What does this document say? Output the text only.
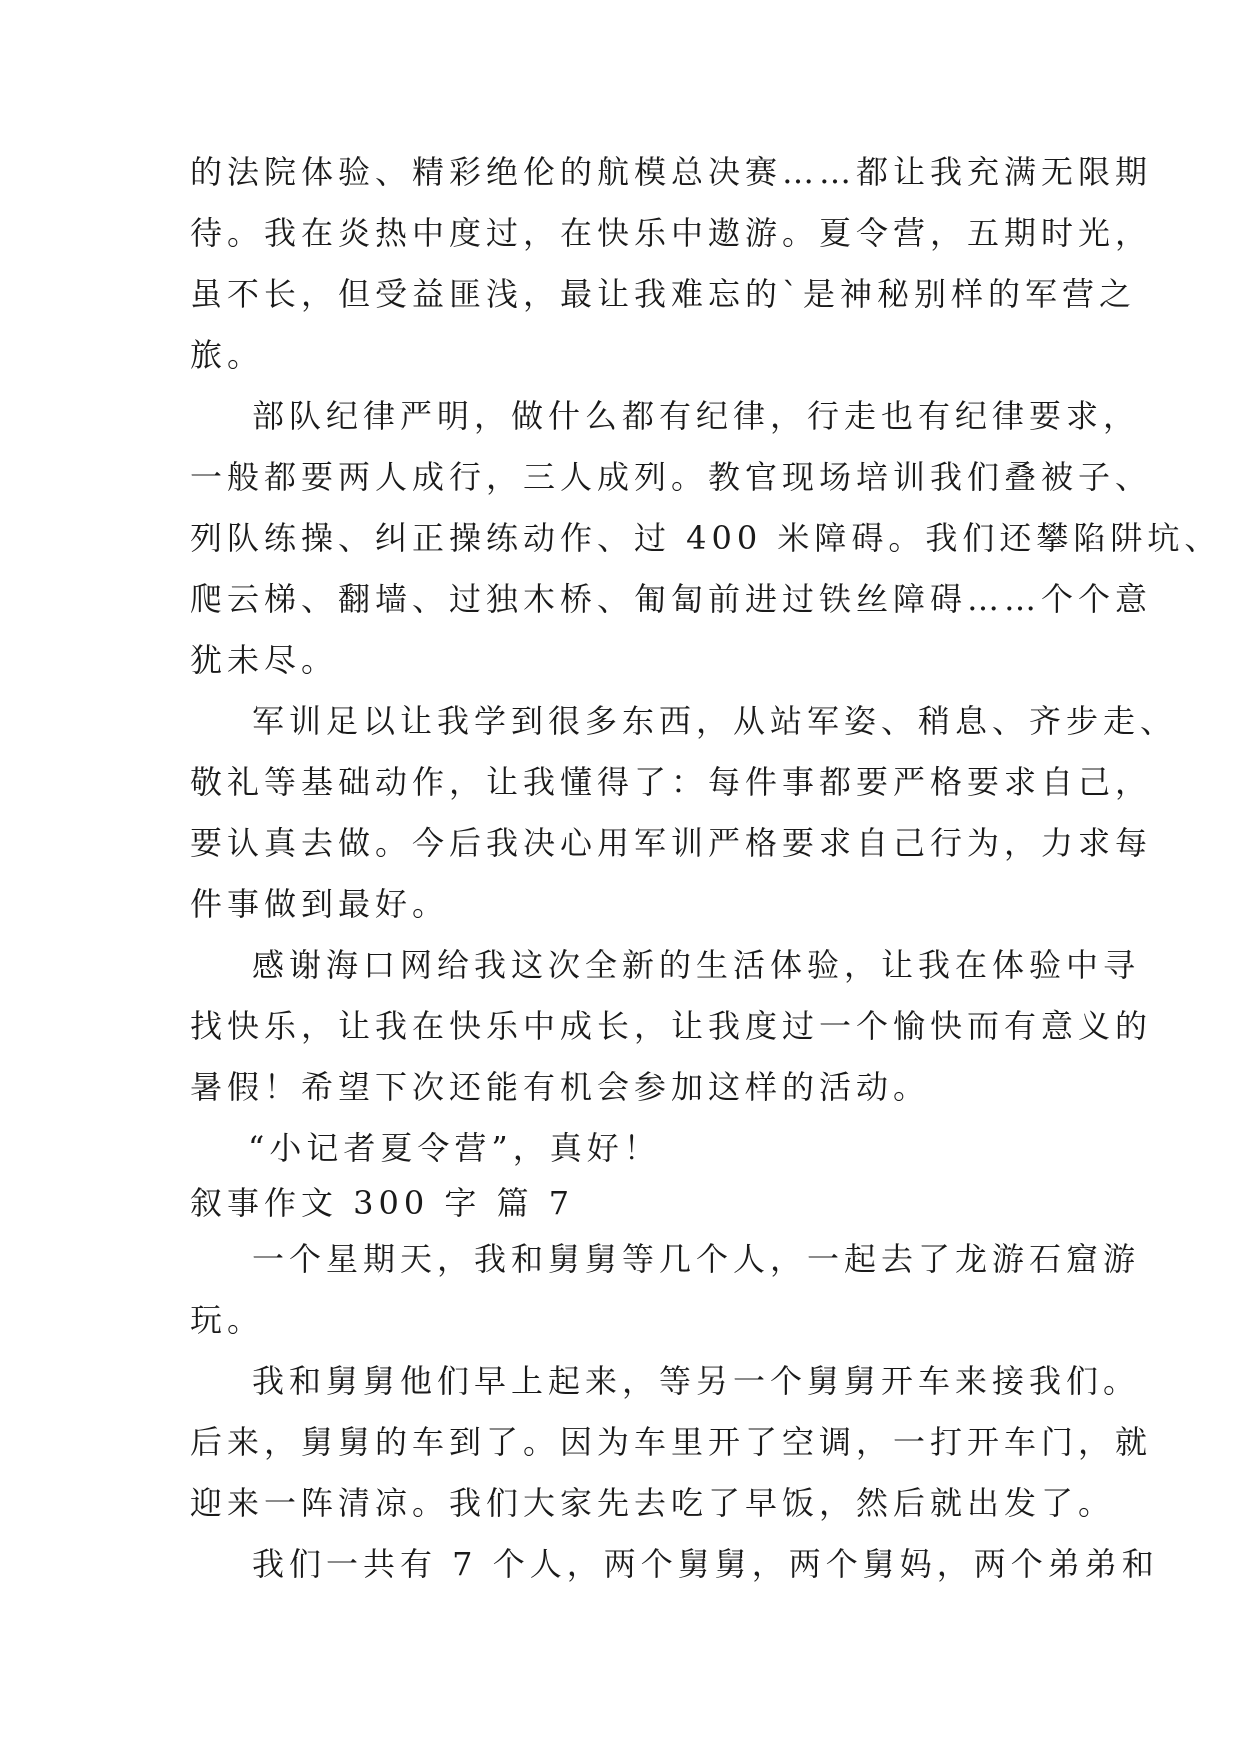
的法院体验、精彩绝伦的航模总决赛……都让我充满无限期
待。我在炎热中度过，在快乐中遨游。夏令营，五期时光，
虽不长，但受益匪浅，最让我难忘的`是神秘别样的军营之
旅。
部队纪律严明，做什么都有纪律，行走也有纪律要求，
一般都要两人成行，三人成列。教官现场培训我们叠被子、
列队练操、纠正操练动作、过 400 米障碍。我们还攀陷阱坑、
爬云梯、翻墙、过独木桥、匍匐前进过铁丝障碍……个个意
犹未尽。
军训足以让我学到很多东西，从站军姿、稍息、齐步走、
敬礼等基础动作，让我懂得了：每件事都要严格要求自己，
要认真去做。今后我决心用军训严格要求自己行为，力求每
件事做到最好。
感谢海口网给我这次全新的生活体验，让我在体验中寻
找快乐，让我在快乐中成长，让我度过一个愉快而有意义的
暑假！希望下次还能有机会参加这样的活动。
“小记者夏令营”，真好！
叙事作文 300 字 篇 7
一个星期天，我和舅舅等几个人，一起去了龙游石窟游
玩。
我和舅舅他们早上起来，等另一个舅舅开车来接我们。
后来，舅舅的车到了。因为车里开了空调，一打开车门，就
迎来一阵清凉。我们大家先去吃了早饭，然后就出发了。
我们一共有 7 个人，两个舅舅，两个舅妈，两个弟弟和
